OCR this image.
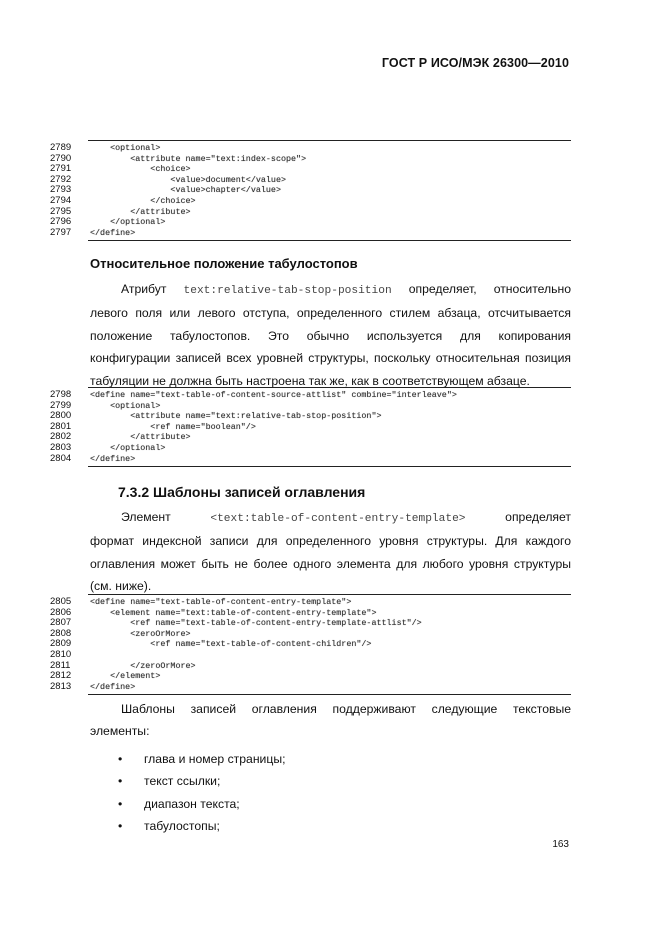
ГОСТ Р ИСО/МЭК 26300—2010
2789	<optional>
2790	<attribute name="text:index-scope">
2791	<choice>
2792	<value>document</value>
2793	<value>chapter</value>
2794	</choice>
2795	</attribute>
2796	</optional>
2797	</define>
Относительное положение табулостопов
Атрибут text:relative-tab-stop-position определяет, относительно
левого поля или левого отступа, определенного стилем абзаца, отсчитывается
положение табулостопов. Это обычно используется для копирования
конфигурации записей всех уровней структуры, поскольку относительная позиция
табуляции не должна быть настроена так же, как в соответствующем абзаце.
2798	<define name="text-table-of-content-source-attlist" combine="interleave">
2799	<optional>
2800	<attribute name="text:relative-tab-stop-position">
2801	<ref name="boolean"/>
2802	</attribute>
2803	</optional>
2804	</define>
7.3.2 Шаблоны записей оглавления
Элемент <text:table-of-content-entry-template>	определяет
формат индексной записи для определенного уровня структуры. Для каждого
оглавления может быть не более одного элемента для любого уровня структуры
(см. ниже).
2805	<define name="text-table-of-content-entry-template">
2806	<element name="text:table-of-content-entry-template">
2807	<ref name="text-table-of-content-entry-template-attlist"/>
2808	<zeroOrMore>
2809	<ref name="text-table-of-content-children"/>
2810
2811	</zeroOrMore>
2812	</element>
2813	</define>
Шаблоны записей оглавления поддерживают следующие текстовые
элементы:
• глава и номер страницы;
• текст ссылки;
• диапазон текста;
• табулостопы;
163
